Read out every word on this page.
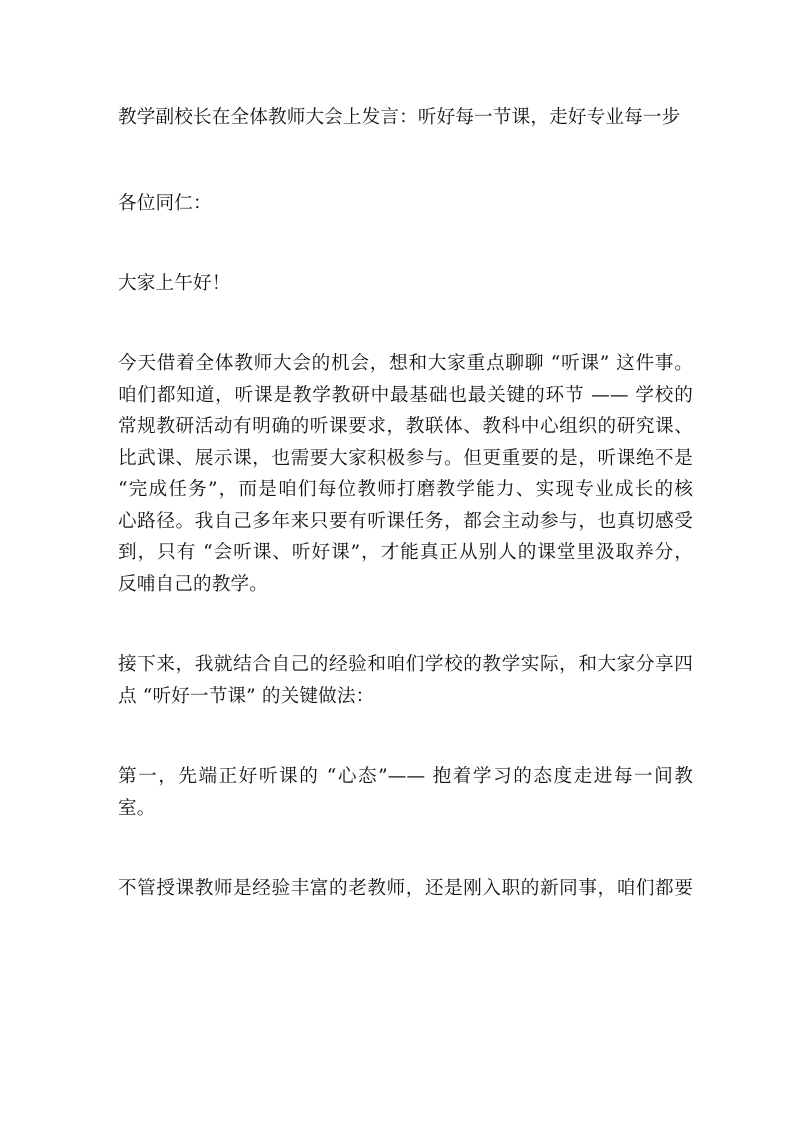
教学副校长在全体教师大会上发言：听好每一节课，走好专业每一步
各位同仁：
大家上午好！
今天借着全体教师大会的机会，想和大家重点聊聊 “听课” 这件事。
咱们都知道，听课是教学教研中最基础也最关键的环节 —— 学校的
常规教研活动有明确的听课要求，教联体、教科中心组织的研究课、
比武课、展示课，也需要大家积极参与。但更重要的是，听课绝不是
“完成任务”，而是咱们每位教师打磨教学能力、实现专业成长的核
心路径。我自己多年来只要有听课任务，都会主动参与，也真切感受
到，只有 “会听课、听好课”，才能真正从别人的课堂里汲取养分，
反哺自己的教学。
接下来，我就结合自己的经验和咱们学校的教学实际，和大家分享四
点 “听好一节课” 的关键做法：
第一，先端正好听课的 “心态”—— 抱着学习的态度走进每一间教
室。
不管授课教师是经验丰富的老教师，还是刚入职的新同事，咱们都要
